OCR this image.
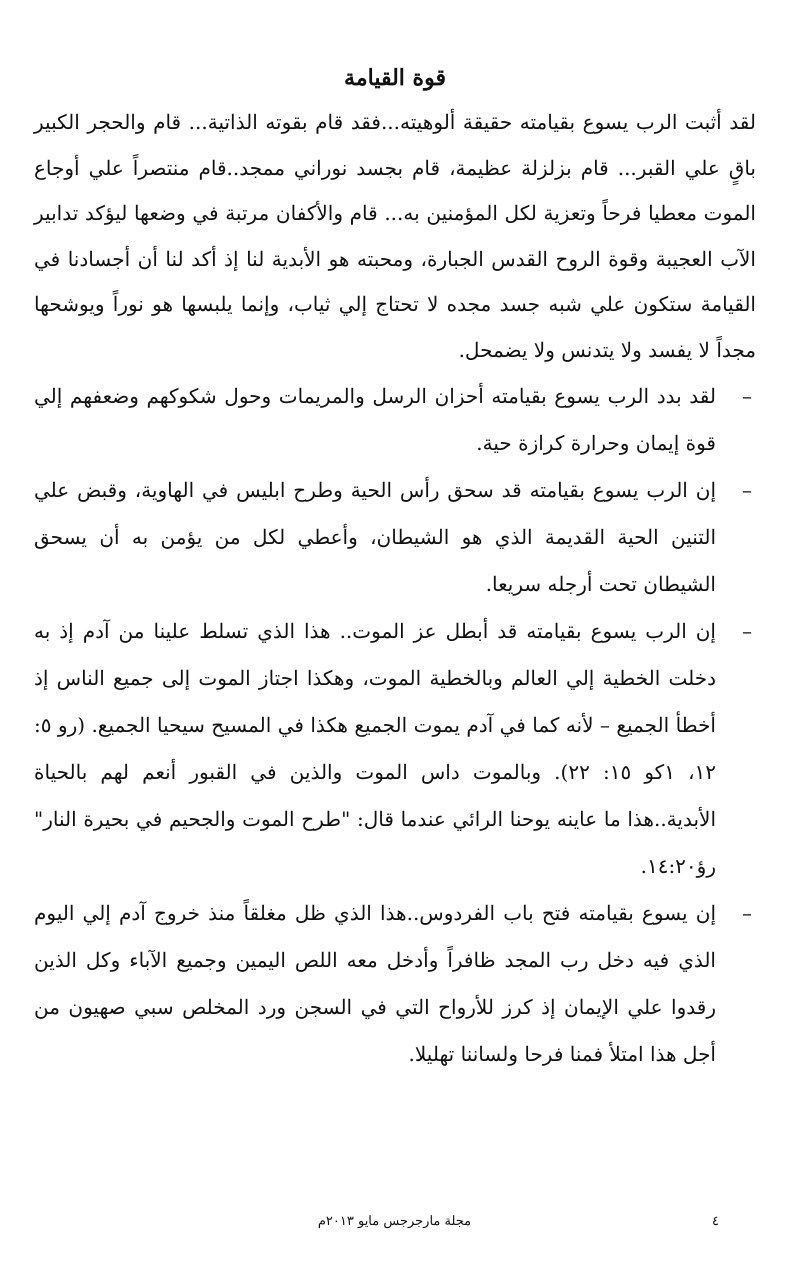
قوة القيامة

لقد أثبت الرب يسوع بقيامته حقيقة ألوهيته...فقد قام بقوته الذاتية... قام والحجر الكبير باقٍ علي القبر... قام بزلزلة عظيمة، قام بجسد نوراني ممجد..قام منتصراً علي أوجاع الموت معطيا فرحاً وتعزية لكل المؤمنين به... قام والأكفان مرتبة في وضعها ليؤكد تدابير الآب العجيبة وقوة الروح القدس الجبارة، ومحبته هو الأبدية لنا إذ أكد لنا أن أجسادنا في القيامة ستكون علي شبه جسد مجده لا تحتاج إلي ثياب، وإنما يلبسها هو نوراً ويوشحها مجداً لا يفسد ولا يتدنس ولا يضمحل.

–
لقد بدد الرب يسوع بقيامته أحزان الرسل والمريمات وحول شكوكهم وضعفهم إلي قوة إيمان وحرارة كرازة حية.
–
إن الرب يسوع بقيامته قد سحق رأس الحية وطرح ابليس في الهاوية، وقبض علي التنين الحية القديمة الذي هو الشيطان، وأعطي لكل من يؤمن به أن يسحق الشيطان تحت أرجله سريعا.
–
إن الرب يسوع بقيامته قد أبطل عز الموت.. هذا الذي تسلط علينا من آدم إذ به دخلت الخطية إلي العالم وبالخطية الموت، وهكذا اجتاز الموت إلى جميع الناس إذ أخطأ الجميع – لأنه كما في آدم يموت الجميع هكذا في المسيح سيحيا الجميع. (رو ٥: ١٢، ١كو ١٥: ٢٢). وبالموت داس الموت والذين في القبور أنعم لهم بالحياة الأبدية..هذا ما عاينه يوحنا الرائي عندما قال: "طرح الموت والجحيم في بحيرة النار" رؤ١٤:٢٠.
–
إن يسوع بقيامته فتح باب الفردوس..هذا الذي ظل مغلقاً منذ خروج آدم إلي اليوم الذي فيه دخل رب المجد ظافراً وأدخل معه اللص اليمين وجميع الآباء وكل الذين رقدوا علي الإيمان إذ كرز للأرواح التي في السجن ورد المخلص سبي صهيون من أجل هذا امتلأ فمنا فرحا ولساننا تهليلا.
٤
مجلة مارجرجس مايو ٢٠١٣م
